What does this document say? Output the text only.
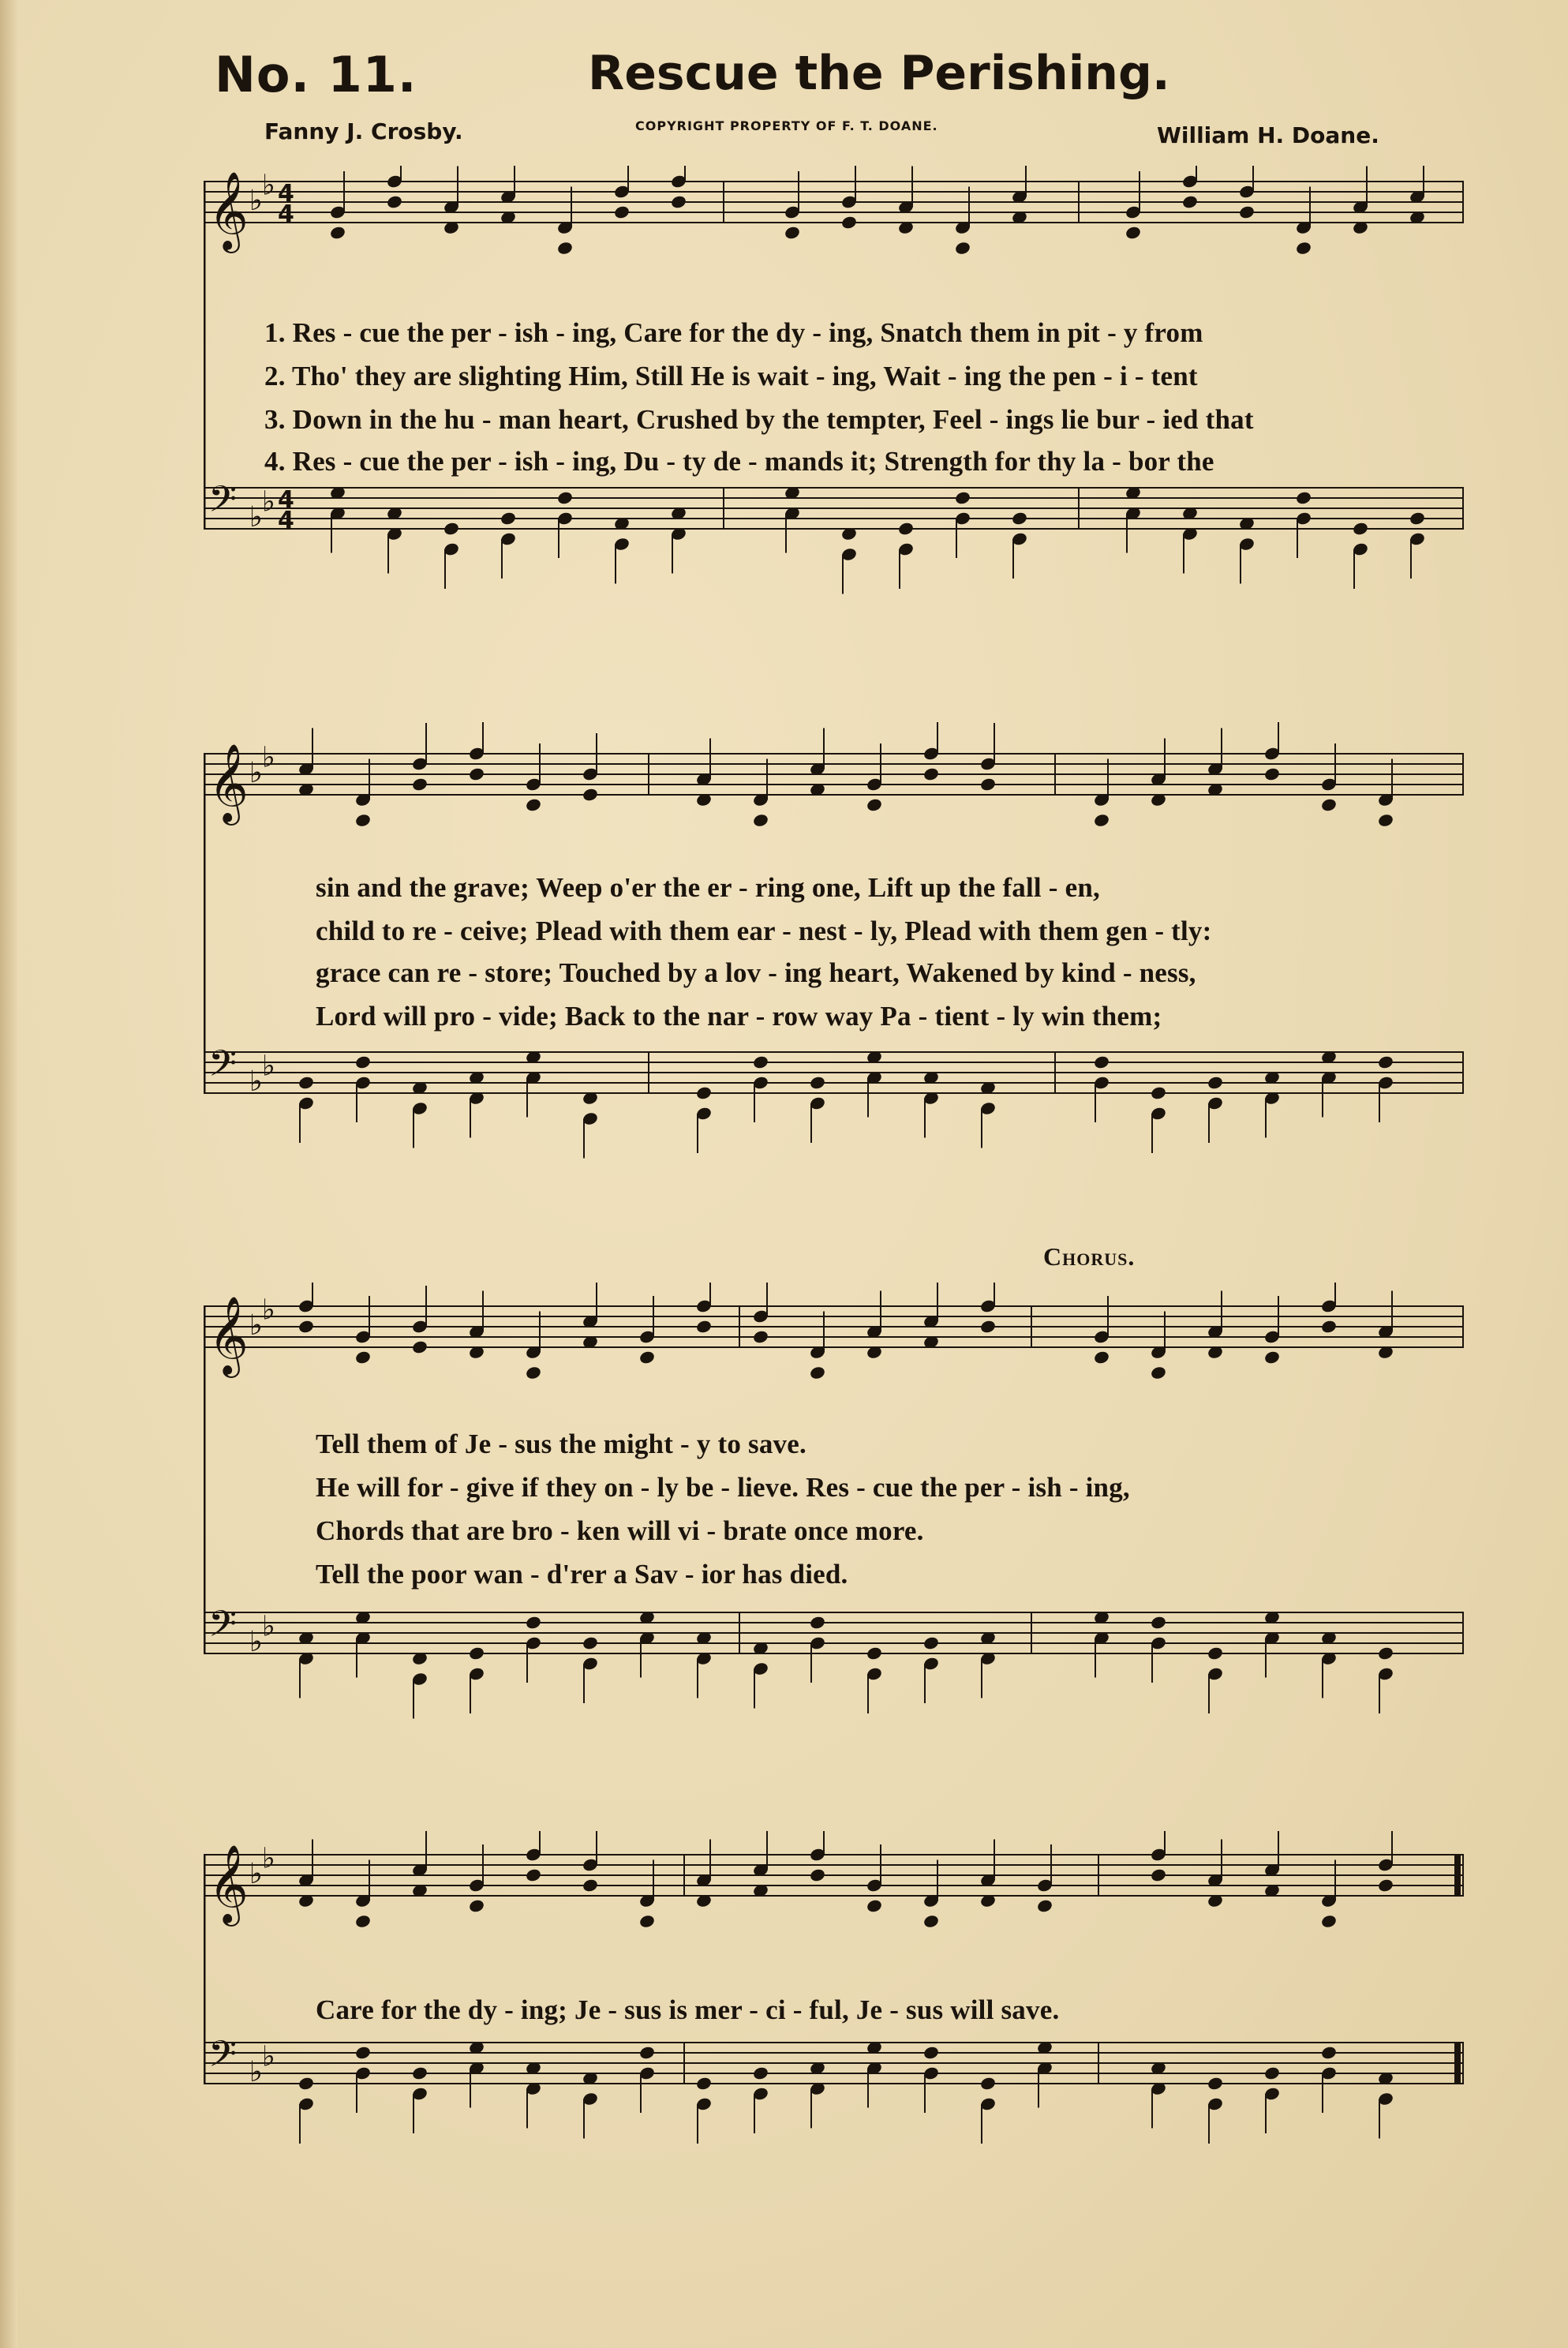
No. 11.	Rescue the Perishing.
Fanny J. Crosby.	COPYRIGHT PROPERTY OF F. T. DOANE.	William H. Doane.
𝄞
𝄢
♭ ♭
♭ ♭
4
4
4
4
1. Res - cue the per - ish - ing, Care for the dy - ing, Snatch them in pit - y from
2. Tho' they are slighting Him, Still He is wait - ing, Wait - ing the pen - i - tent
3. Down in the hu - man heart, Crushed by the tempter, Feel - ings lie bur - ied that
4. Res - cue the per - ish - ing, Du - ty de - mands it; Strength for thy la - bor the
𝄞
𝄢
♭ ♭
♭ ♭
sin and the grave; Weep o'er the er - ring one, Lift up the fall - en,
child to re - ceive; Plead with them ear - nest - ly, Plead with them gen - tly:
grace can re - store; Touched by a lov - ing heart, Wakened by kind - ness,
Lord will pro - vide; Back to the nar - row way Pa - tient - ly win them;
Chorus.
𝄞
𝄢
♭ ♭
♭ ♭
Tell them of Je - sus the might - y to save.
He will for - give if they on - ly be - lieve. Res - cue the per - ish - ing,
Chords that are bro - ken will vi - brate once more.
Tell the poor wan - d'rer a Sav - ior has died.
𝄞
𝄢
♭ ♭
♭ ♭
Care for the dy - ing; Je - sus is mer - ci - ful, Je - sus will save.
